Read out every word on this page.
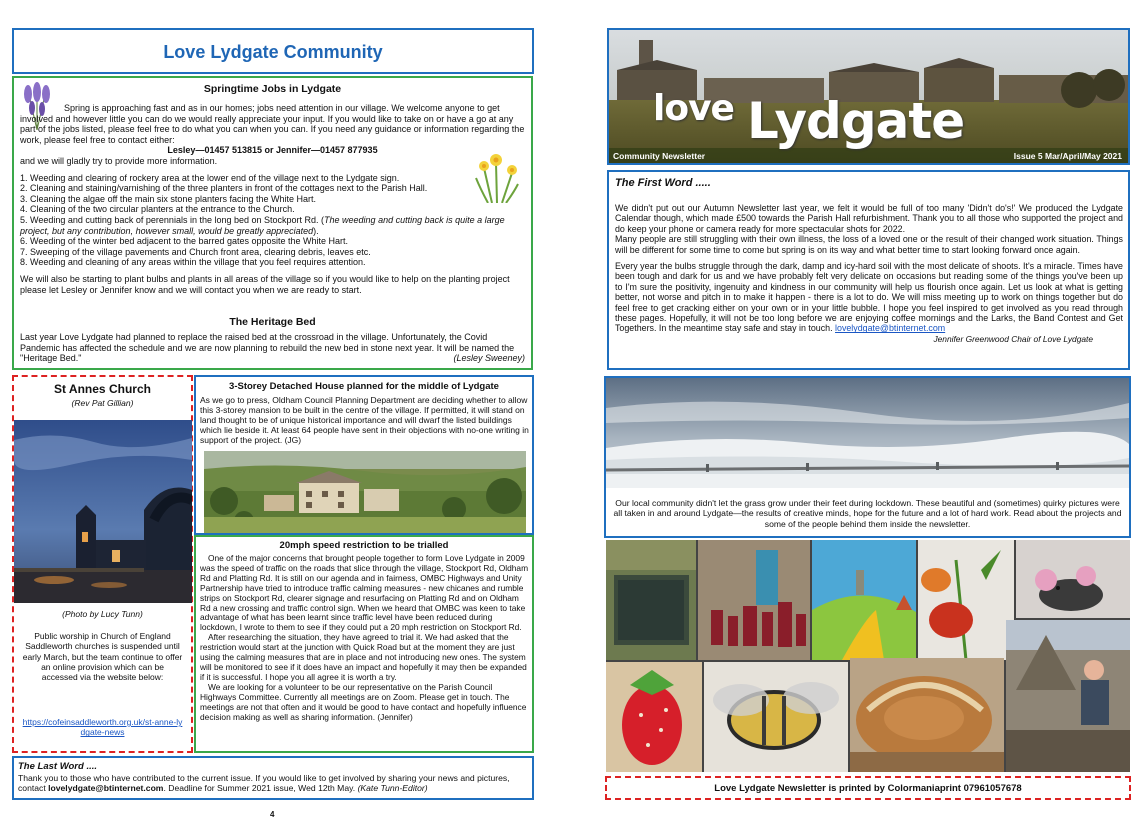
Love Lydgate Community
Springtime Jobs in Lydgate

Spring is approaching fast and as in our homes; jobs need attention in our village. We welcome anyone to get involved and however little you can do we would really appreciate your input. If you would like to take on or have a go at any part of the jobs listed, please feel free to do what you can when you can. If you need any guidance or information regarding the work, please feel free to contact either:

Lesley—01457 513815 or Jennifer—01457 877935

and we will gladly try to provide more information.

1. Weeding and clearing of rockery area at the lower end of the village next to the Lydgate sign.

2. Cleaning and staining/varnishing of the three planters in front of the cottages next to the Parish Hall.

3. Cleaning the algae off the main six stone planters facing the White Hart.

4. Cleaning of the two circular planters at the entrance to the Church.

5. Weeding and cutting back of perennials in the long bed on Stockport Rd. (The weeding and cutting back is quite a large project, but any contribution, however small, would be greatly appreciated).

6. Weeding of the winter bed adjacent to the barred gates opposite the White Hart.

7. Sweeping of the village pavements and Church front area, clearing debris, leaves etc.

8. Weeding and cleaning of any areas within the village that you feel requires attention.

We will also be starting to plant bulbs and plants in all areas of the village so if you would like to help on the planting project please let Lesley or Jennifer know and we will contact you when we are ready to start.

The Heritage Bed

Last year Love Lydgate had planned to replace the raised bed at the crossroad in the village. Unfortunately, the Covid Pandemic has affected the schedule and we are now planning to rebuild the new bed in stone next year. It will be named the "Heritage Bed."	(Lesley Sweeney)

St Annes Church
(Rev Pat Gillian)
(Photo by Lucy Tunn)
Public worship in Church of England Saddleworth churches is suspended until early March, but the team continue to offer an online provision which can be accessed via the website below:
https://cofeinsaddleworth.org.uk/st-anne-lydgate-news
3-Storey Detached House planned for the middle of Lydgate
As we go to press, Oldham Council Planning Department are deciding whether to allow this 3-storey mansion to be built in the centre of the village. If permitted, it will stand on land thought to be of unique historical importance and will dwarf the listed buildings which lie beside it. At least 64 people have sent in their objections with no-one writing in support of the project. (JG)
20mph speed restriction to be trialled

One of the major concerns that brought people together to form Love Lydgate in 2009 was the speed of traffic on the roads that slice through the village, Stockport Rd, Oldham Rd and Platting Rd. It is still on our agenda and in fairness, OMBC Highways and Unity Partnership have tried to introduce traffic calming measures - new chicanes and rumble strips on Stockport Rd, clearer signage and resurfacing on Platting Rd and on Oldham Rd a new crossing and traffic control sign. When we heard that OMBC was keen to take advantage of what has been learnt since traffic level have been reduced during lockdown, I wrote to them to see if they could put a 20 mph restriction on Stockport Rd.

After researching the situation, they have agreed to trial it. We had asked that the restriction would start at the junction with Quick Road but at the moment they are just using the calming measures that are in place and not introducing new ones. The system will be monitored to see if it does have an impact and hopefully it may then be expanded if it is successful. I hope you all agree it is worth a try.

We are looking for a volunteer to be our representative on the Parish Council Highways Committee. Currently all meetings are on Zoom. Please get in touch. The meetings are not that often and it would be good to have contact and hopefully influence decision making as well as sharing information. (Jennifer)

The Last Word ....
Thank you to those who have contributed to the current issue. If you would like to get involved by sharing your news and pictures, contact lovelydgate@btinternet.com. Deadline for Summer 2021 issue, Wed 12th May. (Kate Tunn-Editor)
4
love Lydgate
Community Newsletter	Issue 5 Mar/April/May 2021
The First Word .....

We didn't put out our Autumn Newsletter last year, we felt it would be full of too many 'Didn't do's!' We produced the Lydgate Calendar though, which made £500 towards the Parish Hall refurbishment. Thank you to all those who supported the project and do keep your phone or camera ready for more spectacular shots for 2022.

Many people are still struggling with their own illness, the loss of a loved one or the result of their changed work situation. Things will be different for some time to come but spring is on its way and what better time to start looking forward once again.

Every year the bulbs struggle through the dark, damp and icy-hard soil with the most delicate of shoots. It's a miracle. Times have been tough and dark for us and we have probably felt very delicate on occasions but reading some of the things you've been up to I'm sure the positivity, ingenuity and kindness in our community will help us flourish once again. Let us look at what is getting better, not worse and pitch in to make it happen - there is a lot to do. We will miss meeting up to work on things together but do feel free to get cracking either on your own or in your little bubble. I hope you feel inspired to get involved as you read through these pages. Hopefully, it will not be too long before we are enjoying coffee mornings and the Larks, the Band Contest and Get Togethers. In the meantime stay safe and stay in touch. lovelydgate@btinternet.com
Jennifer Greenwood Chair of Love Lydgate

Our local community didn't let the grass grow under their feet during lockdown. These beautiful and (sometimes) quirky pictures were all taken in and around Lydgate—the results of creative minds, hope for the future and a lot of hard work. Read about the projects and some of the people behind them inside the newsletter.
Love Lydgate Newsletter is printed by Colormaniaprint 07961057678
